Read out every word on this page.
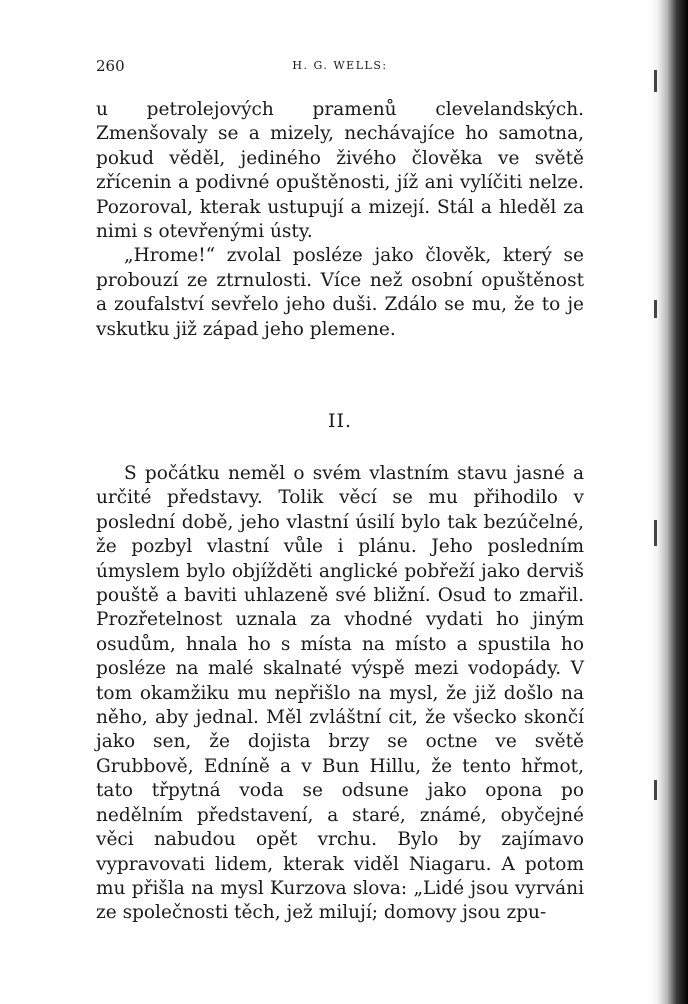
260	H. G. WELLS:

u petrolejových pramenů clevelandských. Zmenšovaly se a mizely, nechávajíce ho samotna, pokud věděl, jediného živého člověka ve světě zřícenin a podivné opuštěnosti, jíž ani vylíčiti nelze. Pozoroval, kterak ustupují a mizejí. Stál a hleděl za nimi s otevřenými ústy.

„Hrome!“ zvolal posléze jako člověk, který se probouzí ze ztrnulosti. Více než osobní opuštěnost a zoufalství sevřelo jeho duši. Zdálo se mu, že to je vskutku již západ jeho plemene.

II.

S počátku neměl o svém vlastním stavu jasné a určité představy. Tolik věcí se mu přihodilo v poslední době, jeho vlastní úsilí bylo tak bezúčelné, že pozbyl vlastní vůle i plánu. Jeho posledním úmyslem bylo objížděti anglické pobřeží jako derviš pouště a baviti uhlazeně své bližní. Osud to zmařil. Prozřetelnost uznala za vhodné vydati ho jiným osudům, hnala ho s místa na místo a spustila ho posléze na malé skalnaté výspě mezi vodopády. V tom okamžiku mu nepřišlo na mysl, že již došlo na něho, aby jednal. Měl zvláštní cit, že všecko skončí jako sen, že dojista brzy se octne ve světě Grubbově, Edníně a v Bun Hillu, že tento hřmot, tato třpytná voda se odsune jako opona po nedělním představení, a staré, známé, obyčejné věci nabudou opět vrchu. Bylo by zajímavo vypravovati lidem, kterak viděl Niagaru. A potom mu přišla na mysl Kurzova slova: „Lidé jsou vyrváni ze společnosti těch, jež milují; domovy jsou zpu-
